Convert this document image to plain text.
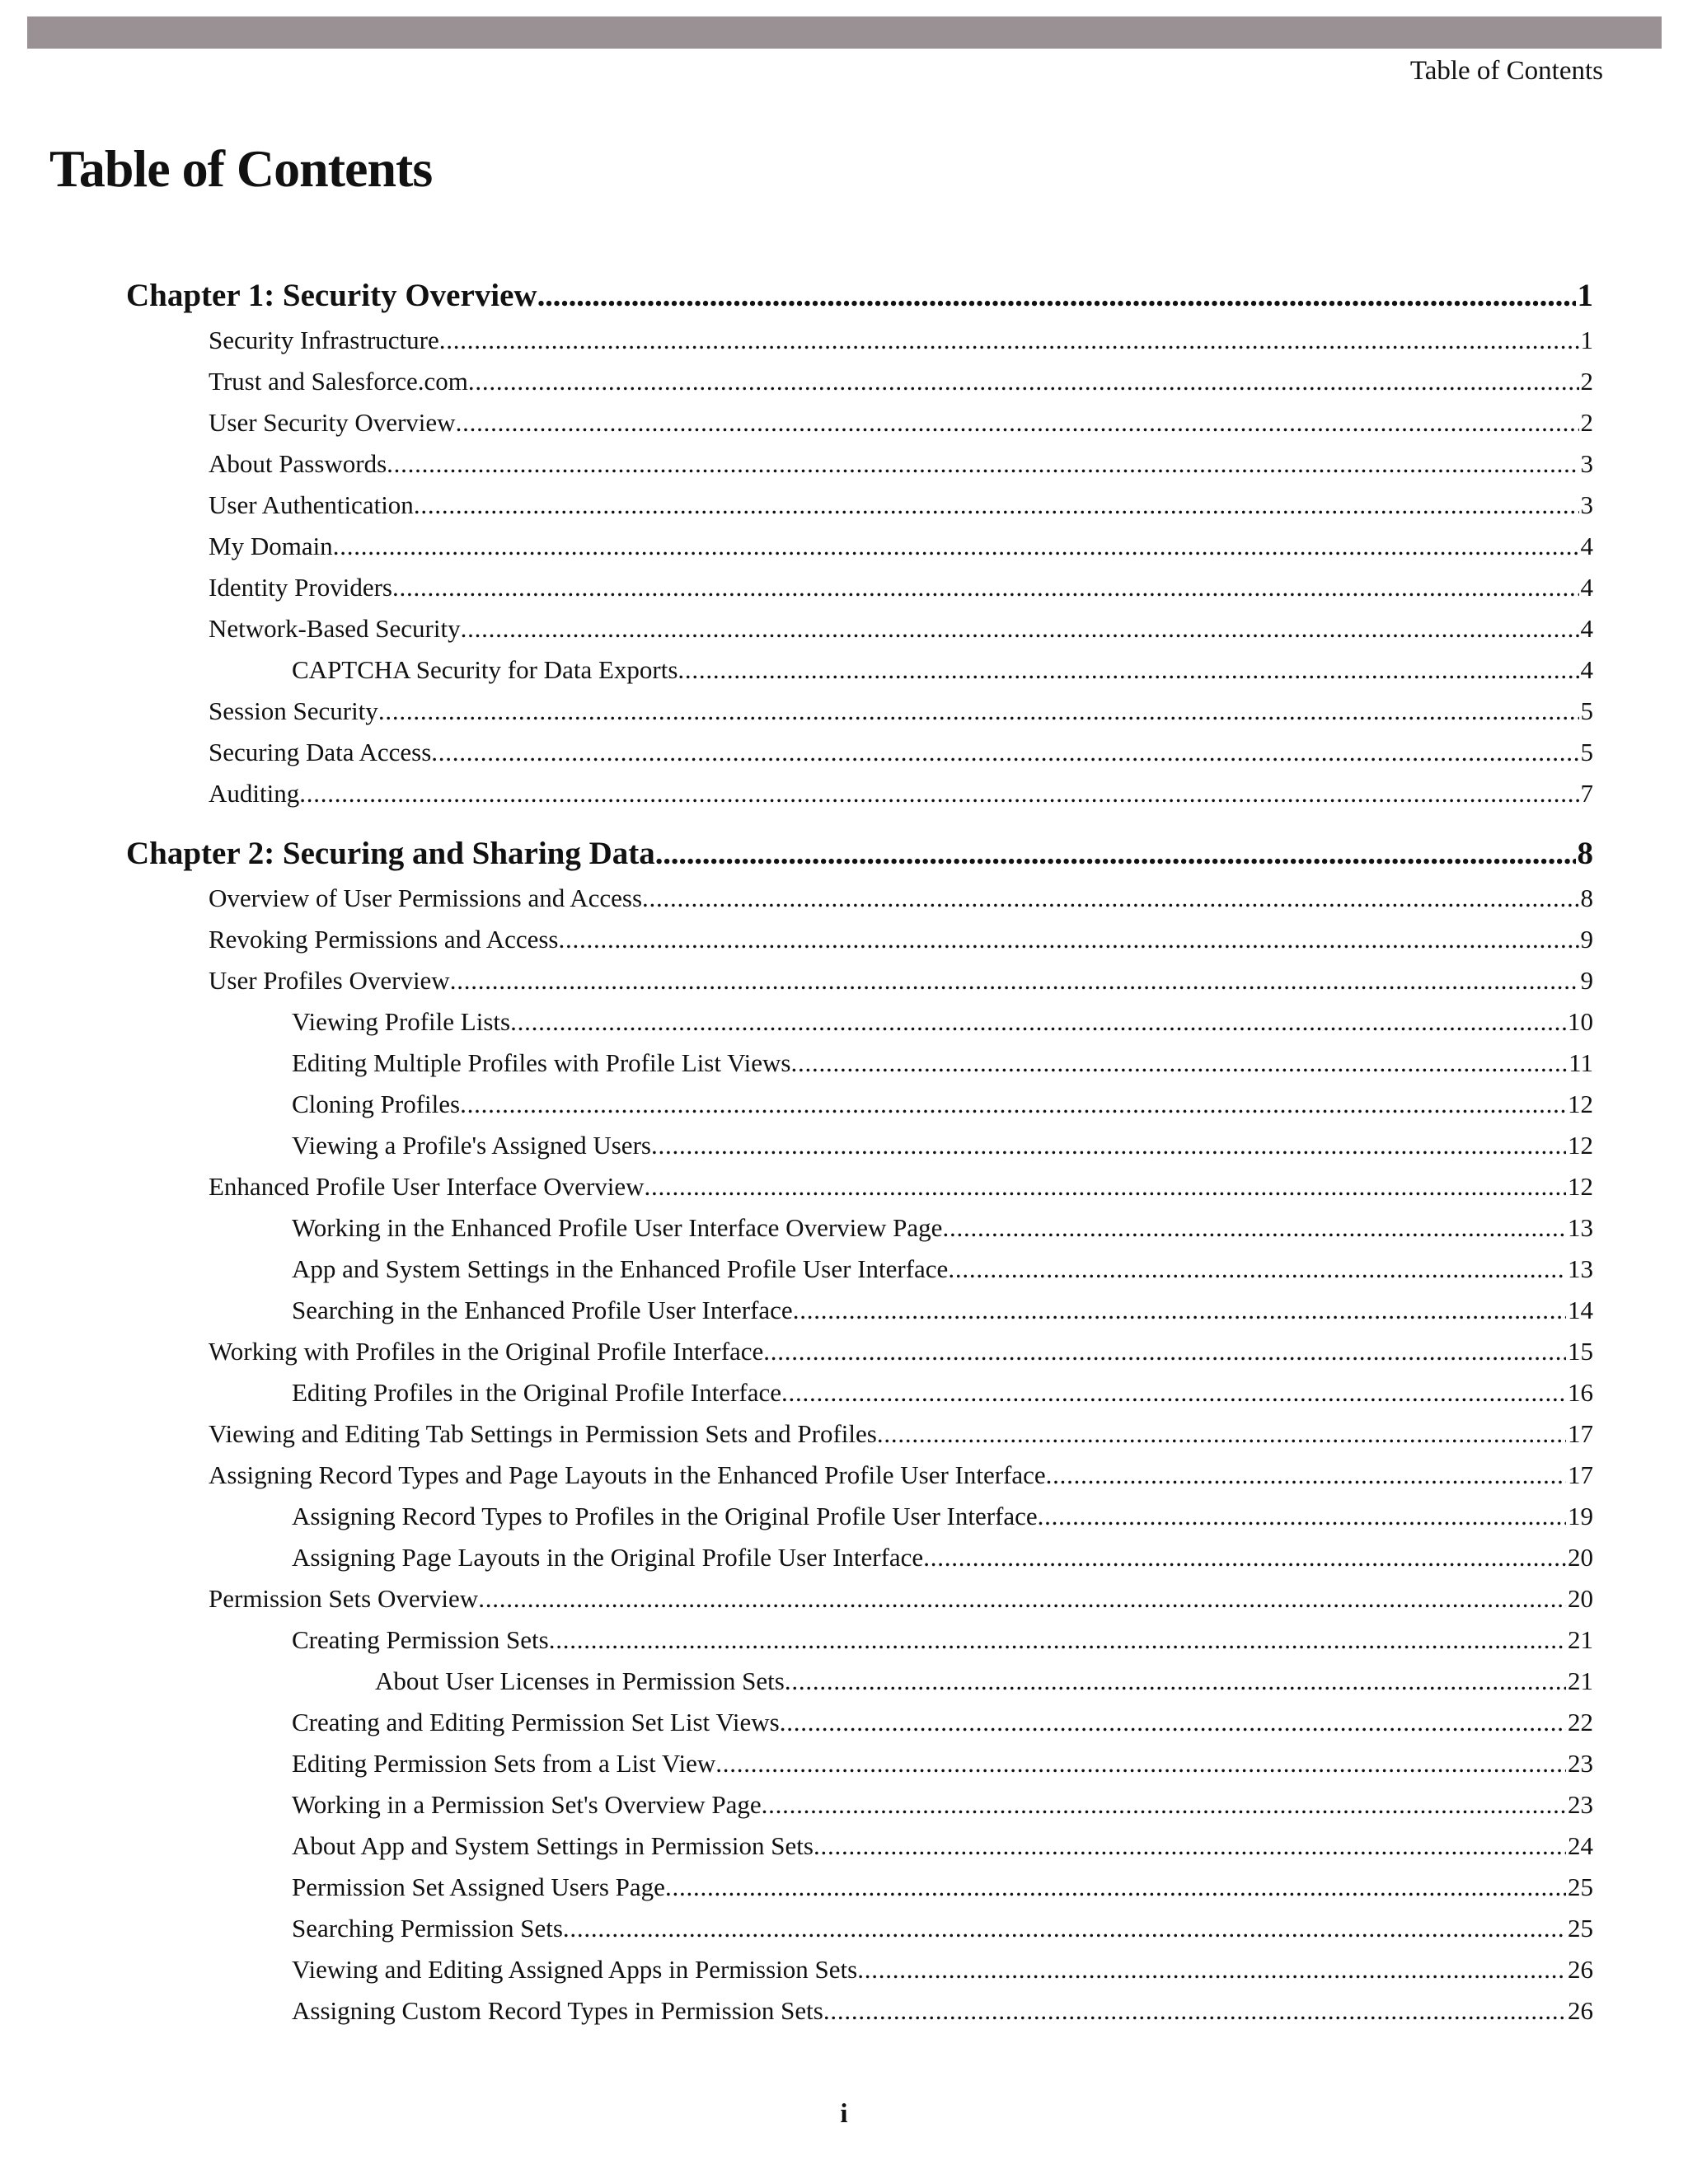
Table of Contents
Table of Contents
Chapter 1: Security Overview . . .	1
Security Infrastructure . . .	1
Trust and Salesforce.com . . .	2
User Security Overview . . .	2
About Passwords . . .	3
User Authentication . . .	3
My Domain . . .	4
Identity Providers . . .	4
Network-Based Security . . .	4
CAPTCHA Security for Data Exports . . .	4
Session Security . . .	5
Securing Data Access . . .	5
Auditing . . .	7
Chapter 2: Securing and Sharing Data . . .	8
Overview of User Permissions and Access . . .	8
Revoking Permissions and Access . . .	9
User Profiles Overview . . .	9
Viewing Profile Lists . . .	10
Editing Multiple Profiles with Profile List Views . . .	11
Cloning Profiles . . .	12
Viewing a Profile's Assigned Users . . .	12
Enhanced Profile User Interface Overview . . .	12
Working in the Enhanced Profile User Interface Overview Page . . .	13
App and System Settings in the Enhanced Profile User Interface . . .	13
Searching in the Enhanced Profile User Interface . . .	14
Working with Profiles in the Original Profile Interface . . .	15
Editing Profiles in the Original Profile Interface . . .	16
Viewing and Editing Tab Settings in Permission Sets and Profiles . . .	17
Assigning Record Types and Page Layouts in the Enhanced Profile User Interface . . .	17
Assigning Record Types to Profiles in the Original Profile User Interface . . .	19
Assigning Page Layouts in the Original Profile User Interface . . .	20
Permission Sets Overview . . .	20
Creating Permission Sets . . .	21
About User Licenses in Permission Sets . . .	21
Creating and Editing Permission Set List Views . . .	22
Editing Permission Sets from a List View . . .	23
Working in a Permission Set's Overview Page . . .	23
About App and System Settings in Permission Sets . . .	24
Permission Set Assigned Users Page . . .	25
Searching Permission Sets . . .	25
Viewing and Editing Assigned Apps in Permission Sets . . .	26
Assigning Custom Record Types in Permission Sets . . .	26
i
